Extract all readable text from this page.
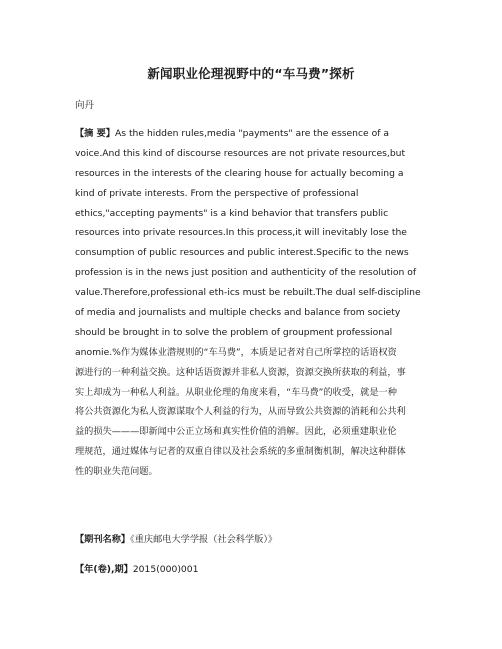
新闻职业伦理视野中的“车马费”探析
向丹
【摘 要】As the hidden rules,media "payments" are the essence of a
voice.And this kind of discourse resources are not private resources,but
resources in the interests of the clearing house for actually becoming a
kind of private interests. From the perspective of professional
ethics,"accepting payments" is a kind behavior that transfers public
resources into private resources.In this process,it will inevitably lose the
consumption of public resources and public interest.Specific to the news
profession is in the news just position and authenticity of the resolution of
value.Therefore,professional eth-ics must be rebuilt.The dual self-discipline
of media and journalists and multiple checks and balance from society
should be brought in to solve the problem of groupment professional
anomie.%作为媒体业潜规则的“车马费”，本质是记者对自己所掌控的话语权资
源进行的一种利益交换。这种话语资源并非私人资源，资源交换所获取的利益，事
实上却成为一种私人利益。从职业伦理的角度来看，“车马费”的收受，就是一种
将公共资源化为私人资源谋取个人利益的行为，从而导致公共资源的消耗和公共利
益的损失———即新闻中公正立场和真实性价值的消解。因此，必须重建职业伦
理规范，通过媒体与记者的双重自律以及社会系统的多重制衡机制，解决这种群体
性的职业失范问题。
【期刊名称】《重庆邮电大学学报（社会科学版）》
【年(卷),期】2015(000)001
